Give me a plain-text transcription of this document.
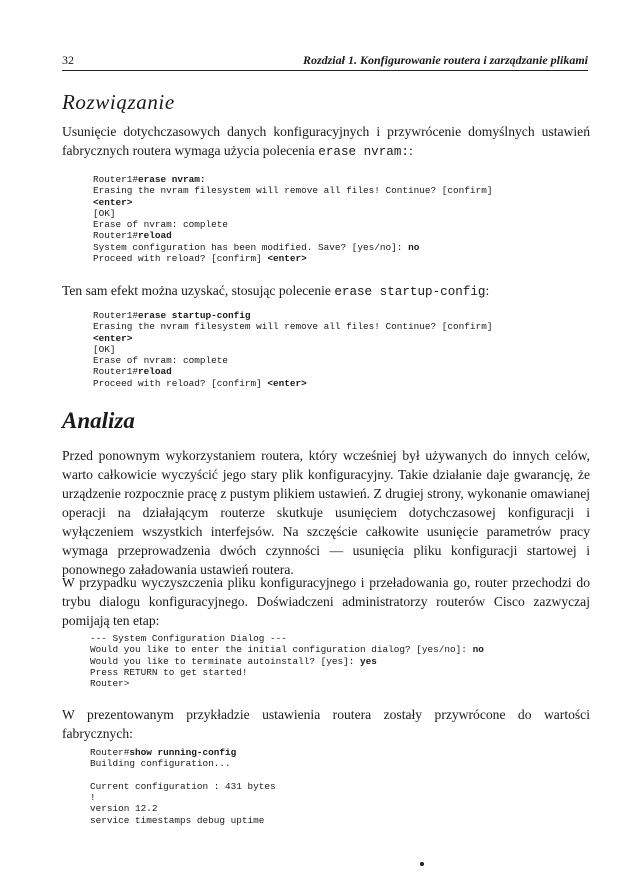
32	Rozdział 1. Konfigurowanie routera i zarządzanie plikami
Rozwiązanie
Usunięcie dotychczasowych danych konfiguracyjnych i przywrócenie domyślnych ustawień fabrycznych routera wymaga użycia polecenia erase nvram::
Router1#erase nvram:
Erasing the nvram filesystem will remove all files! Continue? [confirm]
<enter>
[OK]
Erase of nvram: complete
Router1#reload
System configuration has been modified. Save? [yes/no]: no
Proceed with reload? [confirm] <enter>
Ten sam efekt można uzyskać, stosując polecenie erase startup-config:
Router1#erase startup-config
Erasing the nvram filesystem will remove all files! Continue? [confirm]
<enter>
[OK]
Erase of nvram: complete
Router1#reload
Proceed with reload? [confirm] <enter>
Analiza
Przed ponownym wykorzystaniem routera, który wcześniej był używanych do innych celów, warto całkowicie wyczyścić jego stary plik konfiguracyjny. Takie działanie daje gwarancję, że urządzenie rozpocznie pracę z pustym plikiem ustawień. Z drugiej strony, wykonanie omawianej operacji na działającym routerze skutkuje usunięciem dotychczasowej konfiguracji i wyłączeniem wszystkich interfejsów. Na szczęście całkowite usunięcie parametrów pracy wymaga przeprowadzenia dwóch czynności — usunięcia pliku konfiguracji startowej i ponownego załadowania ustawień routera.
W przypadku wyczyszczenia pliku konfiguracyjnego i przeładowania go, router przechodzi do trybu dialogu konfiguracyjnego. Doświadczeni administratorzy routerów Cisco zazwyczaj pomijają ten etap:
--- System Configuration Dialog ---
Would you like to enter the initial configuration dialog? [yes/no]: no
Would you like to terminate autoinstall? [yes]: yes
Press RETURN to get started!
Router>
W prezentowanym przykładzie ustawienia routera zostały przywrócone do wartości fabrycznych:
Router#show running-config
Building configuration...

Current configuration : 431 bytes
!
version 12.2
service timestamps debug uptime
